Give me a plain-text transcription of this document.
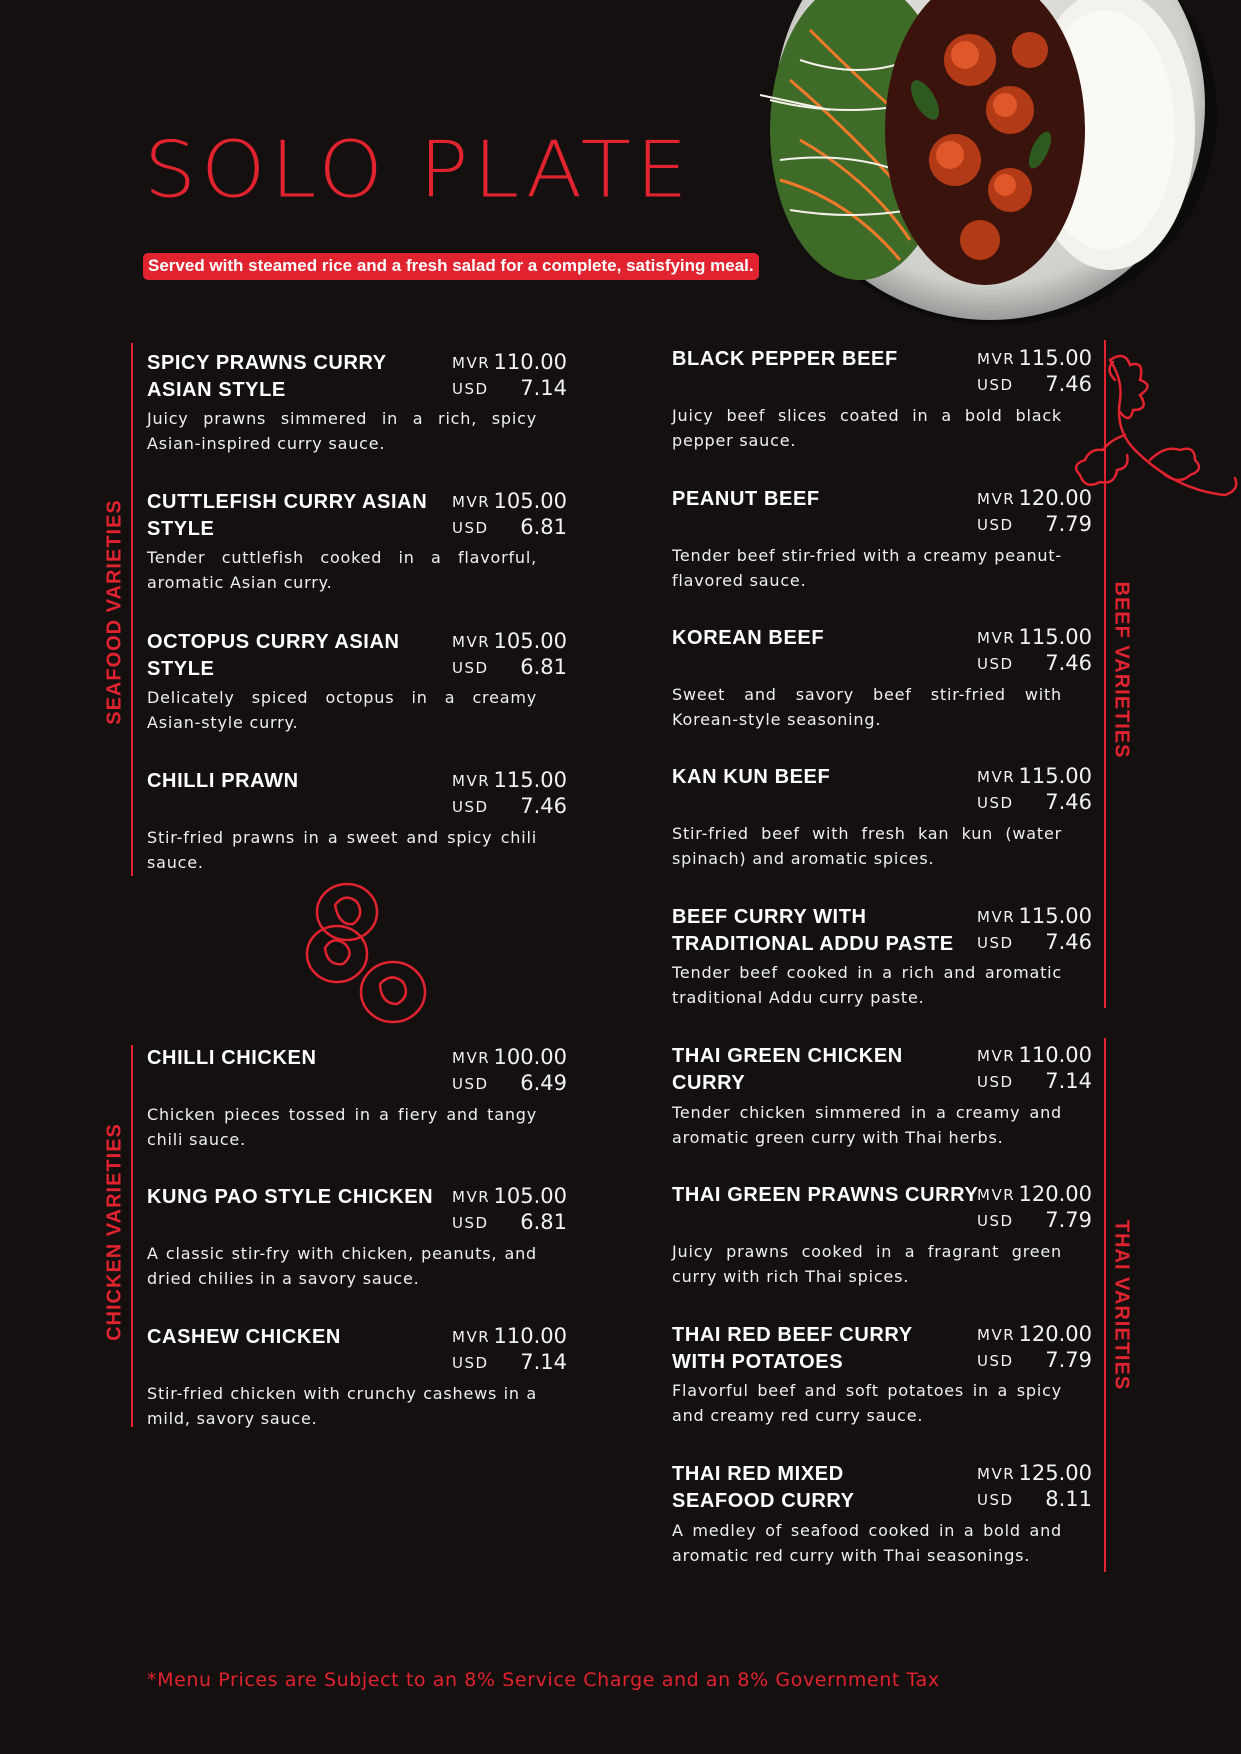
SOLO PLATE
Served with steamed rice and a fresh salad for a complete, satisfying meal.
SEAFOOD VARIETIES
CHICKEN VARIETIES
BEEF VARIETIES
THAI VARIETIES
SPICY PRAWNS CURRY ASIAN STYLE
MVR 110.00
USD 7.14
Juicy prawns simmered in a rich, spicy Asian-inspired curry sauce.
CUTTLEFISH CURRY ASIAN STYLE
MVR 105.00
USD 6.81
Tender cuttlefish cooked in a flavorful, aromatic Asian curry.
OCTOPUS CURRY ASIAN STYLE
MVR 105.00
USD 6.81
Delicately spiced octopus in a creamy Asian-style curry.
CHILLI PRAWN	MVR 115.00
USD 7.46
Stir-fried prawns in a sweet and spicy chili sauce.
CHILLI CHICKEN	MVR 100.00
USD 6.49
Chicken pieces tossed in a fiery and tangy chili sauce.
KUNG PAO STYLE CHICKEN	MVR 105.00
USD 6.81
A classic stir-fry with chicken, peanuts, and dried chilies in a savory sauce.
CASHEW CHICKEN	MVR 110.00
USD 7.14
Stir-fried chicken with crunchy cashews in a mild, savory sauce.
BLACK PEPPER BEEF	MVR 115.00
USD 7.46
Juicy beef slices coated in a bold black pepper sauce.
PEANUT BEEF	MVR 120.00
USD 7.79
Tender beef stir-fried with a creamy peanut-flavored sauce.
KOREAN BEEF	MVR 115.00
USD 7.46
Sweet and savory beef stir-fried with Korean-style seasoning.
KAN KUN BEEF	MVR 115.00
USD 7.46
Stir-fried beef with fresh kan kun (water spinach) and aromatic spices.
BEEF CURRY WITH TRADITIONAL ADDU PASTE
MVR 115.00
USD 7.46
Tender beef cooked in a rich and aromatic traditional Addu curry paste.
THAI GREEN CHICKEN CURRY
MVR 110.00
USD 7.14
Tender chicken simmered in a creamy and aromatic green curry with Thai herbs.
THAI GREEN PRAWNS CURRY
MVR 120.00
USD 7.79
Juicy prawns cooked in a fragrant green curry with rich Thai spices.
THAI RED BEEF CURRY WITH POTATOES
MVR 120.00
USD 7.79
Flavorful beef and soft potatoes in a spicy and creamy red curry sauce.
THAI RED MIXED SEAFOOD CURRY
MVR 125.00
USD 8.11
A medley of seafood cooked in a bold and aromatic red curry with Thai seasonings.
*Menu Prices are Subject to an 8% Service Charge and an 8% Government Tax
